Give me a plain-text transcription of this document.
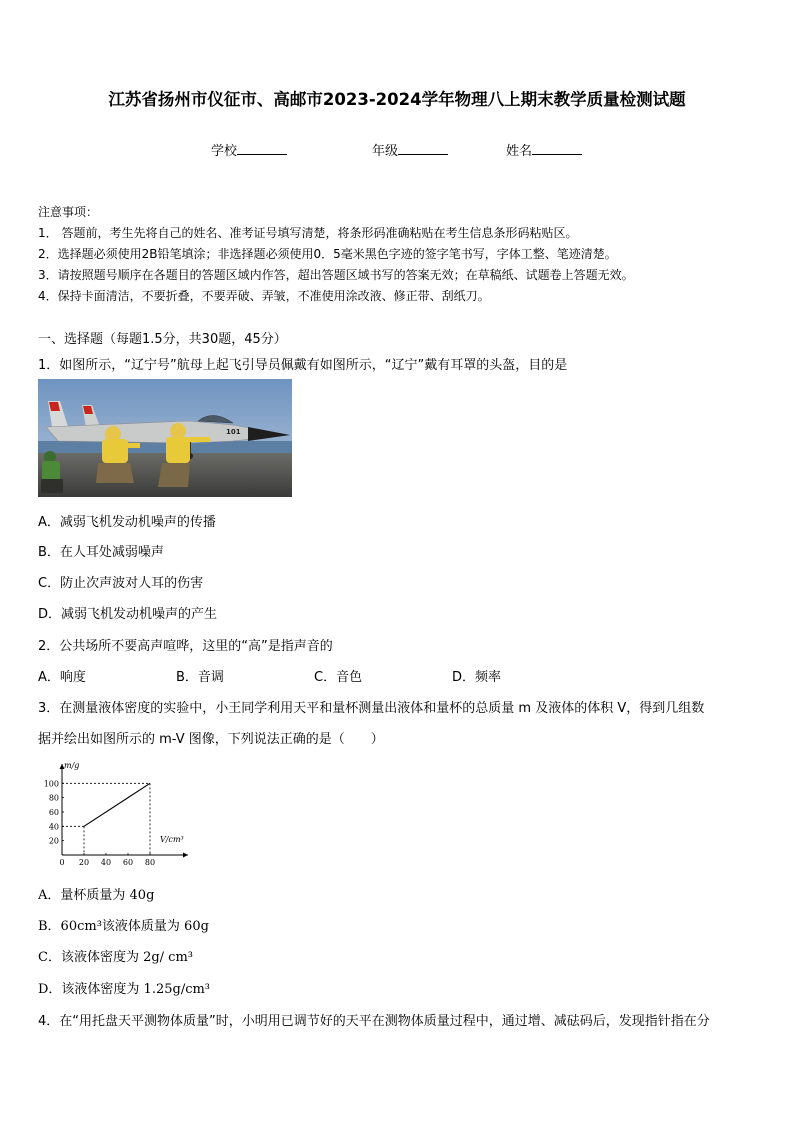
江苏省扬州市仪征市、高邮市2023-2024学年物理八上期末教学质量检测试题
学校	年级	姓名
注意事项：
1． 答题前，考生先将自己的姓名、准考证号填写清楚，将条形码准确粘贴在考生信息条形码粘贴区。
2．选择题必须使用2B铅笔填涂；非选择题必须使用0．5毫米黑色字迹的签字笔书写，字体工整、笔迹清楚。
3．请按照题号顺序在各题目的答题区域内作答，超出答题区域书写的答案无效；在草稿纸、试题卷上答题无效。
4．保持卡面清洁，不要折叠，不要弄破、弄皱，不准使用涂改液、修正带、刮纸刀。
一、选择题（每题1.5分，共30题，45分）
1．如图所示，“辽宁号”航母上起飞引导员佩戴有如图所示，“辽宁”戴有耳罩的头盔，目的是
101
A．减弱飞机发动机噪声的传播
B．在人耳处减弱噪声
C．防止次声波对人耳的伤害
D．减弱飞机发动机噪声的产生
2．公共场所不要高声喧哗，这里的“高”是指声音的
A．响度	B．音调	C．音色	D．频率
3．在测量液体密度的实验中，小王同学利用天平和量杯测量出液体和量杯的总质量 m 及液体的体积 V，得到几组数
据并绘出如图所示的 m-V 图像，下列说法正确的是（　　）
m/g
V/cm³
0 20 40 60 80
20
40
60
80
100
A．量杯质量为 40g
B．60cm³该液体质量为 60g
C．该液体密度为 2g/ cm³
D．该液体密度为 1.25g/cm³
4．在“用托盘天平测物体质量”时，小明用已调节好的天平在测物体质量过程中，通过增、减砝码后，发现指针指在分
